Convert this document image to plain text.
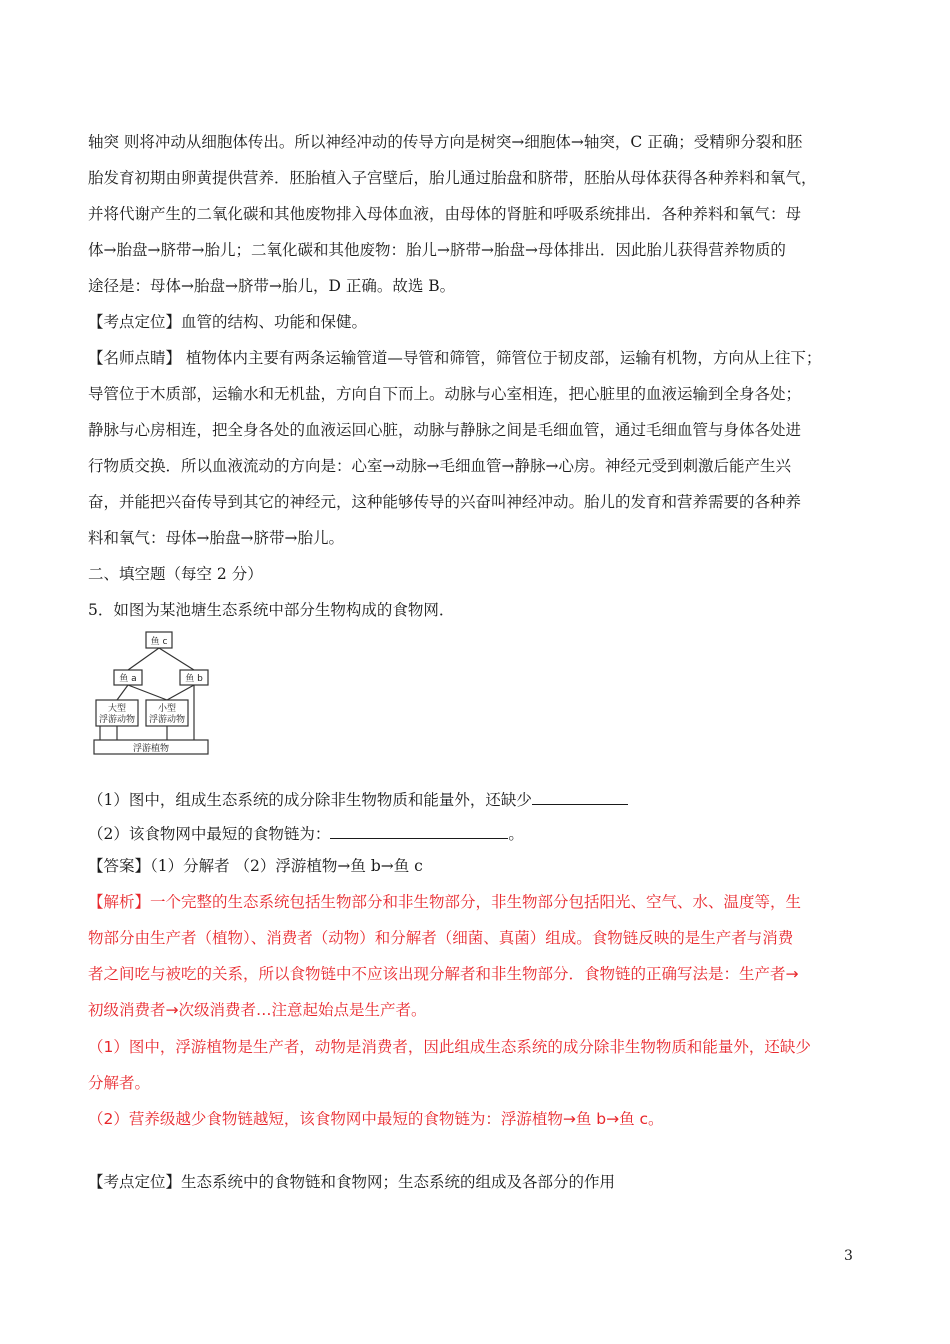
轴突 则将冲动从细胞体传出。所以神经冲动的传导方向是树突→细胞体→轴突，C 正确；受精卵分裂和胚
胎发育初期由卵黄提供营养．胚胎植入子宫壁后，胎儿通过胎盘和脐带，胚胎从母体获得各种养料和氧气，
并将代谢产生的二氧化碳和其他废物排入母体血液，由母体的肾脏和呼吸系统排出．各种养料和氧气：母
体→胎盘→脐带→胎儿；二氧化碳和其他废物：胎儿→脐带→胎盘→母体排出．因此胎儿获得营养物质的
途径是：母体→胎盘→脐带→胎儿，D 正确。故选 B。
【考点定位】血管的结构、功能和保健。
【名师点睛】 植物体内主要有两条运输管道—导管和筛管，筛管位于韧皮部，运输有机物，方向从上往下；
导管位于木质部，运输水和无机盐，方向自下而上。动脉与心室相连，把心脏里的血液运输到全身各处；
静脉与心房相连，把全身各处的血液运回心脏，动脉与静脉之间是毛细血管，通过毛细血管与身体各处进
行物质交换．所以血液流动的方向是：心室→动脉→毛细血管→静脉→心房。神经元受到刺激后能产生兴
奋，并能把兴奋传导到其它的神经元，这种能够传导的兴奋叫神经冲动。胎儿的发育和营养需要的各种养
料和氧气：母体→胎盘→脐带→胎儿。
二、填空题（每空 2 分）
5．如图为某池塘生态系统中部分生物构成的食物网．
鱼 c
鱼 a	鱼 b
大型
浮游动物
小型
浮游动物
浮游植物
（1）图中，组成生态系统的成分除非生物物质和能量外，还缺少
（2）该食物网中最短的食物链为：	。
【答案】（1）分解者 （2）浮游植物→鱼 b→鱼 c
【解析】一个完整的生态系统包括生物部分和非生物部分，非生物部分包括阳光、空气、水、温度等，生
物部分由生产者（植物）、消费者（动物）和分解者（细菌、真菌）组成。食物链反映的是生产者与消费
者之间吃与被吃的关系，所以食物链中不应该出现分解者和非生物部分．食物链的正确写法是：生产者→
初级消费者→次级消费者…注意起始点是生产者。
（1）图中，浮游植物是生产者，动物是消费者，因此组成生态系统的成分除非生物物质和能量外，还缺少
分解者。
（2）营养级越少食物链越短，该食物网中最短的食物链为：浮游植物→鱼 b→鱼 c。
【考点定位】生态系统中的食物链和食物网；生态系统的组成及各部分的作用
3
